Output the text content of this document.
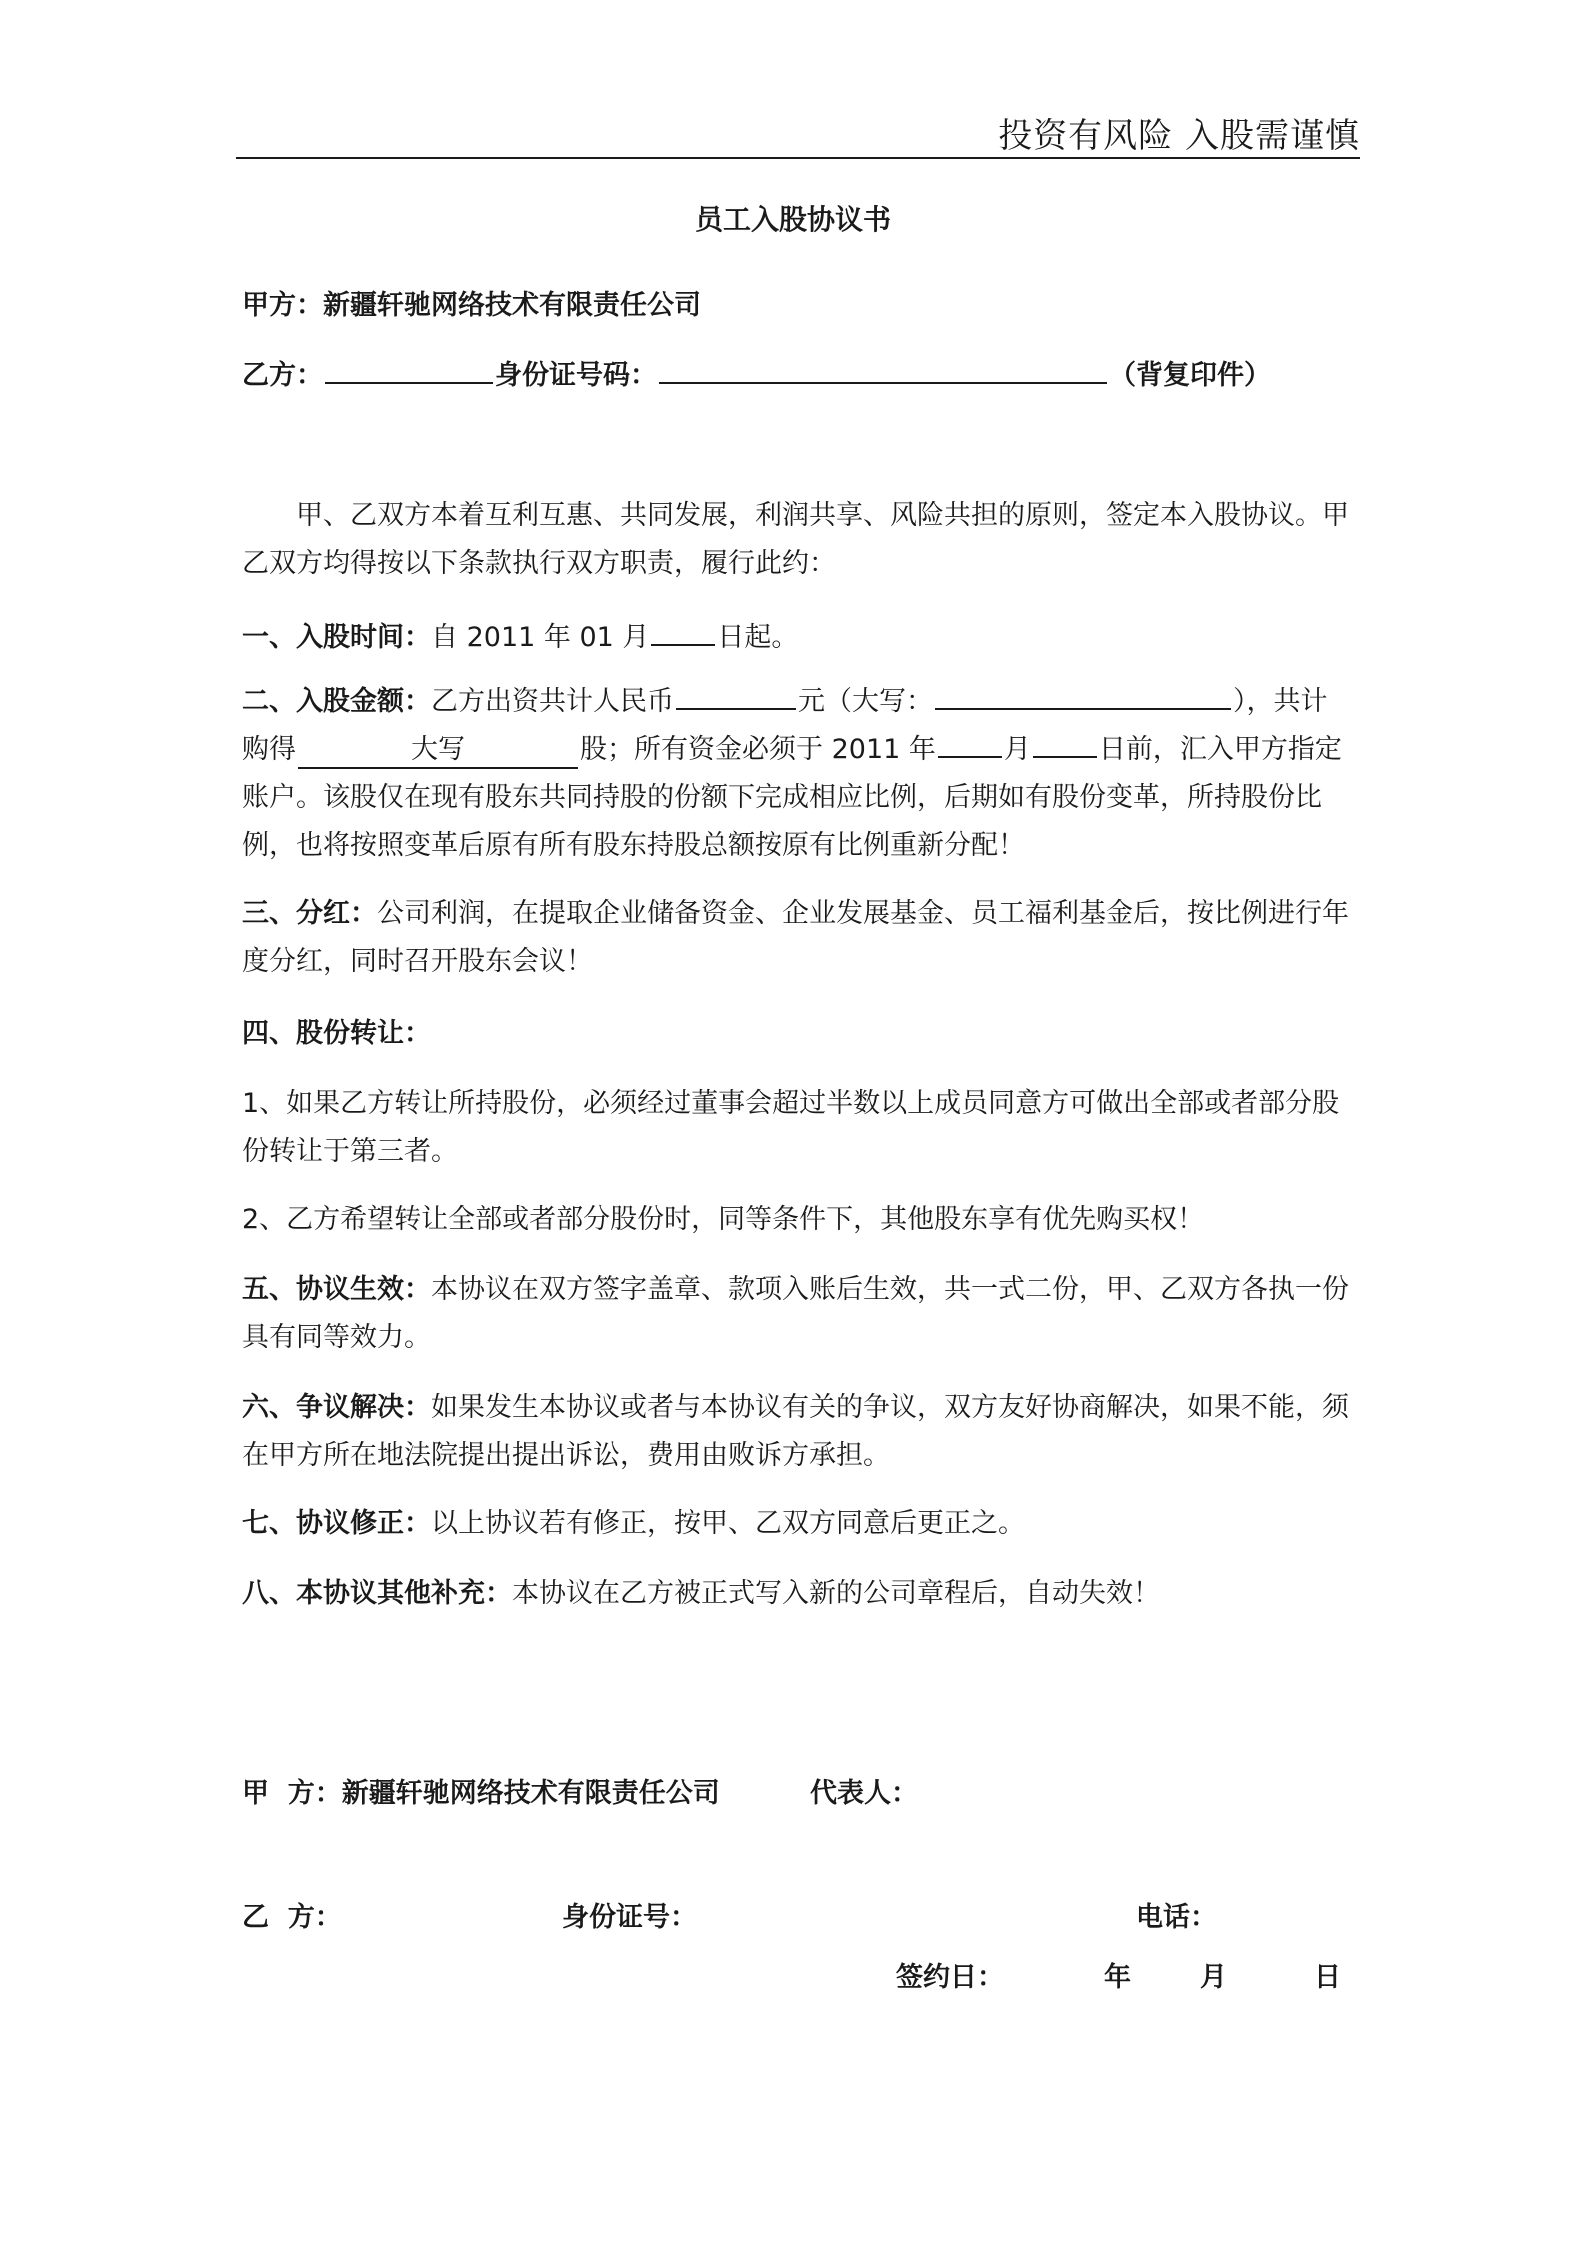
投资有风险 入股需谨慎
员工入股协议书
甲方：新疆轩驰网络技术有限责任公司
乙方：	身份证号码：	（背复印件）
甲、乙双方本着互利互惠、共同发展，利润共享、风险共担的原则，签定本入股协议。甲乙双方均得按以下条款执行双方职责，履行此约：
一、入股时间：自 2011 年 01 月	日起。
二、入股金额：乙方出资共计人民币	元（大写：	），共计购得	大写	股；所有资金必须于 2011 年	月	日前，汇入甲方指定账户。该股仅在现有股东共同持股的份额下完成相应比例，后期如有股份变革，所持股份比例，也将按照变革后原有所有股东持股总额按原有比例重新分配！
三、分红：公司利润，在提取企业储备资金、企业发展基金、员工福利基金后，按比例进行年度分红，同时召开股东会议！
四、股份转让：
1、如果乙方转让所持股份，必须经过董事会超过半数以上成员同意方可做出全部或者部分股份转让于第三者。
2、乙方希望转让全部或者部分股份时，同等条件下，其他股东享有优先购买权！
五、协议生效：本协议在双方签字盖章、款项入账后生效，共一式二份，甲、乙双方各执一份具有同等效力。
六、争议解决：如果发生本协议或者与本协议有关的争议，双方友好协商解决，如果不能，须在甲方所在地法院提出提出诉讼，费用由败诉方承担。
七、协议修正：以上协议若有修正，按甲、乙双方同意后更正之。
八、本协议其他补充：本协议在乙方被正式写入新的公司章程后，自动失效！
甲  方：新疆轩驰网络技术有限责任公司	代表人：
乙  方：	身份证号：	电话：
签约日：	年	月	日
